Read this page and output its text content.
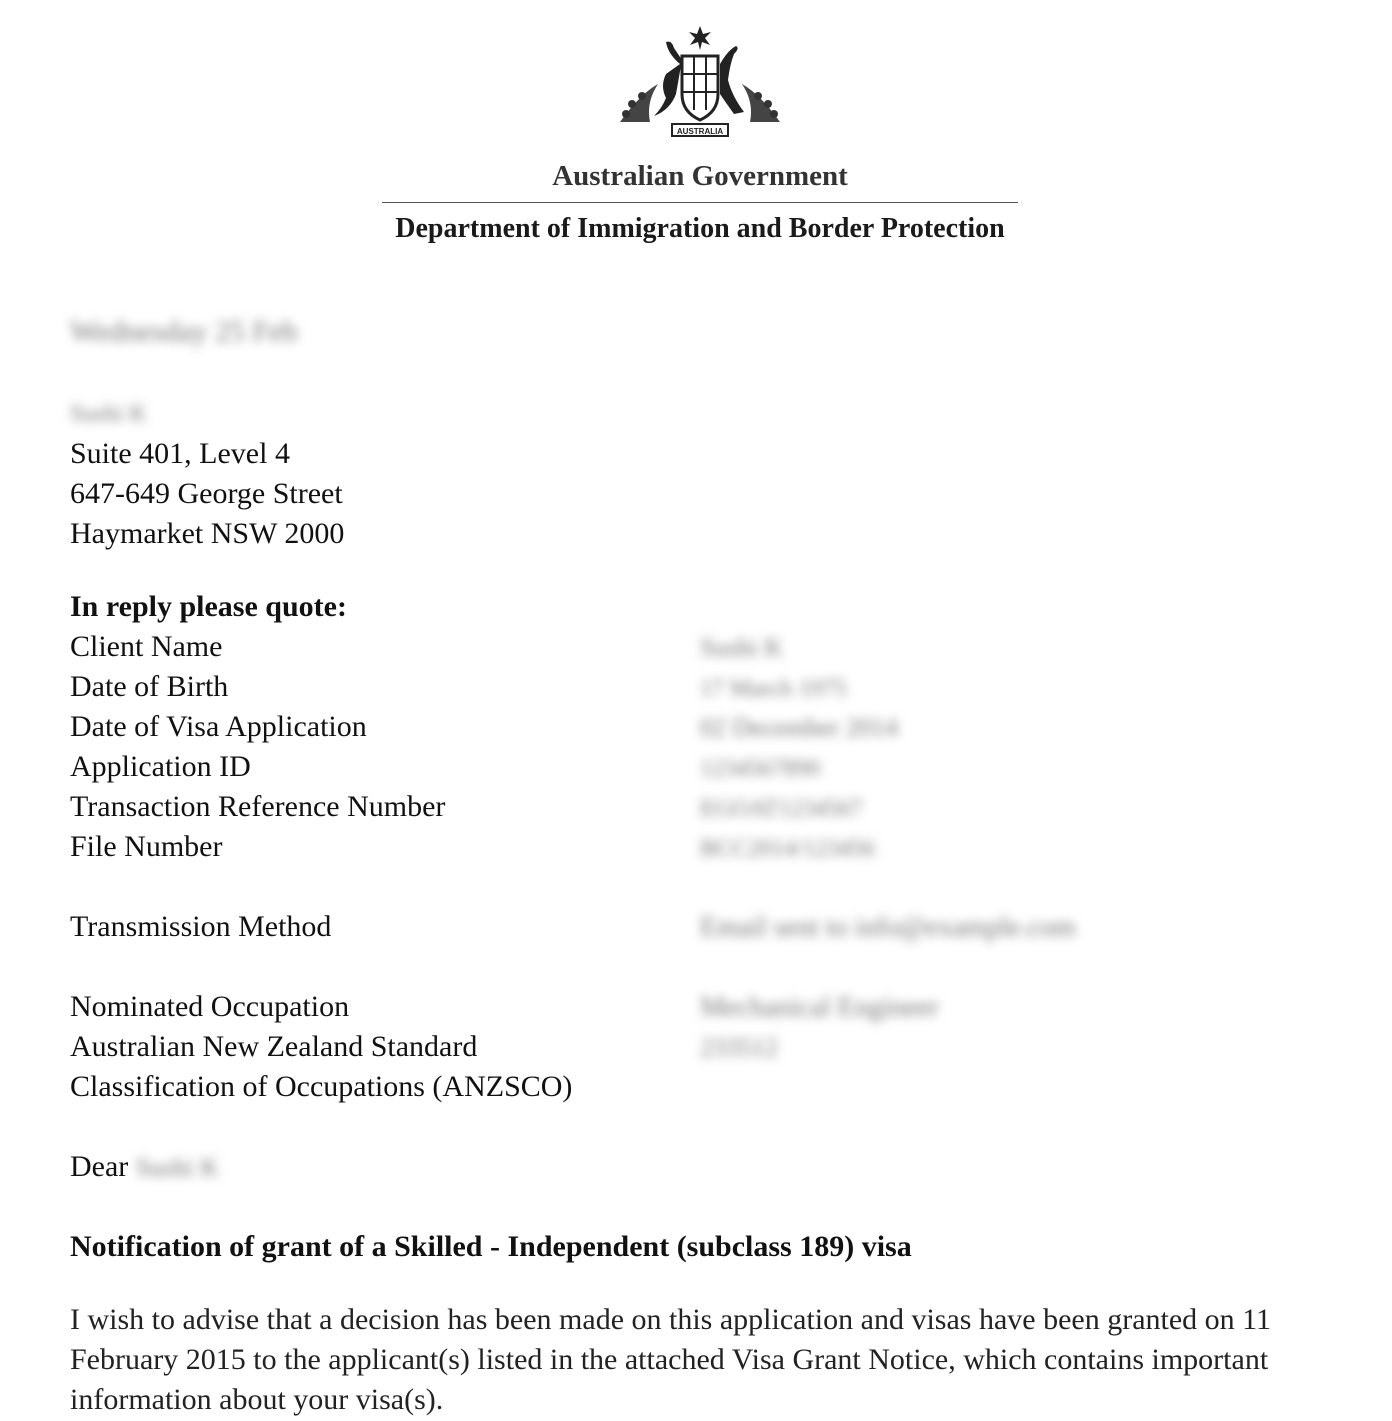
AUSTRALIA
Australian Government
Department of Immigration and Border Protection
Wednesday 25 Feb
Sushi K
Suite 401, Level 4
647-649 George Street
Haymarket NSW 2000
In reply please quote:
Client Name	Sushi K
Date of Birth	17 March 1975
Date of Visa Application	02 December 2014
Application ID	1234567890
Transaction Reference Number	EGOAT1234567
File Number	BCC2014/123456
Transmission Method	Email sent to info@example.com
Nominated Occupation	Mechanical Engineer
Australian New Zealand Standard	233512
Classification of Occupations (ANZSCO)
Dear Sushi K
Notification of grant of a Skilled - Independent (subclass 189) visa
I wish to advise that a decision has been made on this application and visas have been granted on 11 February 2015 to the applicant(s) listed in the attached Visa Grant Notice, which contains important information about your visa(s).
